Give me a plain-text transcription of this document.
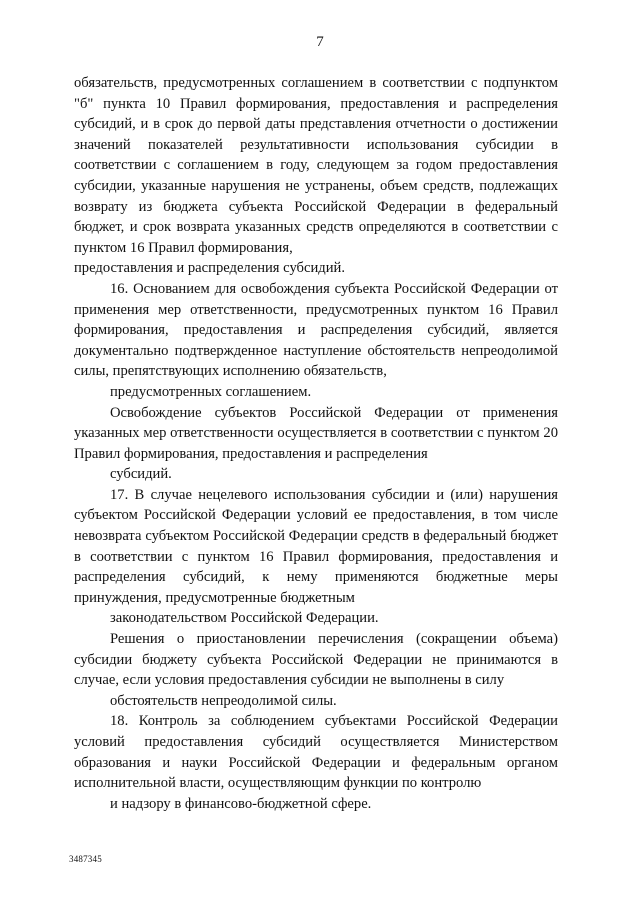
7

обязательств, предусмотренных соглашением в соответствии с подпунктом "б" пункта 10 Правил формирования, предоставления и распределения субсидий, и в срок до первой даты представления отчетности о достижении значений показателей результативности использования субсидии в соответствии с соглашением в году, следующем за годом предоставления субсидии, указанные нарушения не устранены, объем средств, подлежащих возврату из бюджета субъекта Российской Федерации в федеральный бюджет, и срок возврата указанных средств определяются в соответствии с пунктом 16 Правил формирования,
предоставления и распределения субсидий.

16. Основанием для освобождения субъекта Российской Федерации от применения мер ответственности, предусмотренных пунктом 16 Правил формирования, предоставления и распределения субсидий, является документально подтвержденное наступление обстоятельств непреодолимой силы, препятствующих исполнению обязательств,
предусмотренных соглашением.

Освобождение субъектов Российской Федерации от применения указанных мер ответственности осуществляется в соответствии с пунктом 20 Правил формирования, предоставления и распределения
субсидий.

17. В случае нецелевого использования субсидии и (или) нарушения субъектом Российской Федерации условий ее предоставления, в том числе невозврата субъектом Российской Федерации средств в федеральный бюджет в соответствии с пунктом 16 Правил формирования, предоставления и распределения субсидий, к нему применяются бюджетные меры принуждения, предусмотренные бюджетным
законодательством Российской Федерации.

Решения о приостановлении перечисления (сокращении объема) субсидии бюджету субъекта Российской Федерации не принимаются в случае, если условия предоставления субсидии не выполнены в силу
обстоятельств непреодолимой силы.

18. Контроль за соблюдением субъектами Российской Федерации условий предоставления субсидий осуществляется Министерством образования и науки Российской Федерации и федеральным органом исполнительной власти, осуществляющим функции по контролю
и надзору в финансово-бюджетной сфере.

3487345
